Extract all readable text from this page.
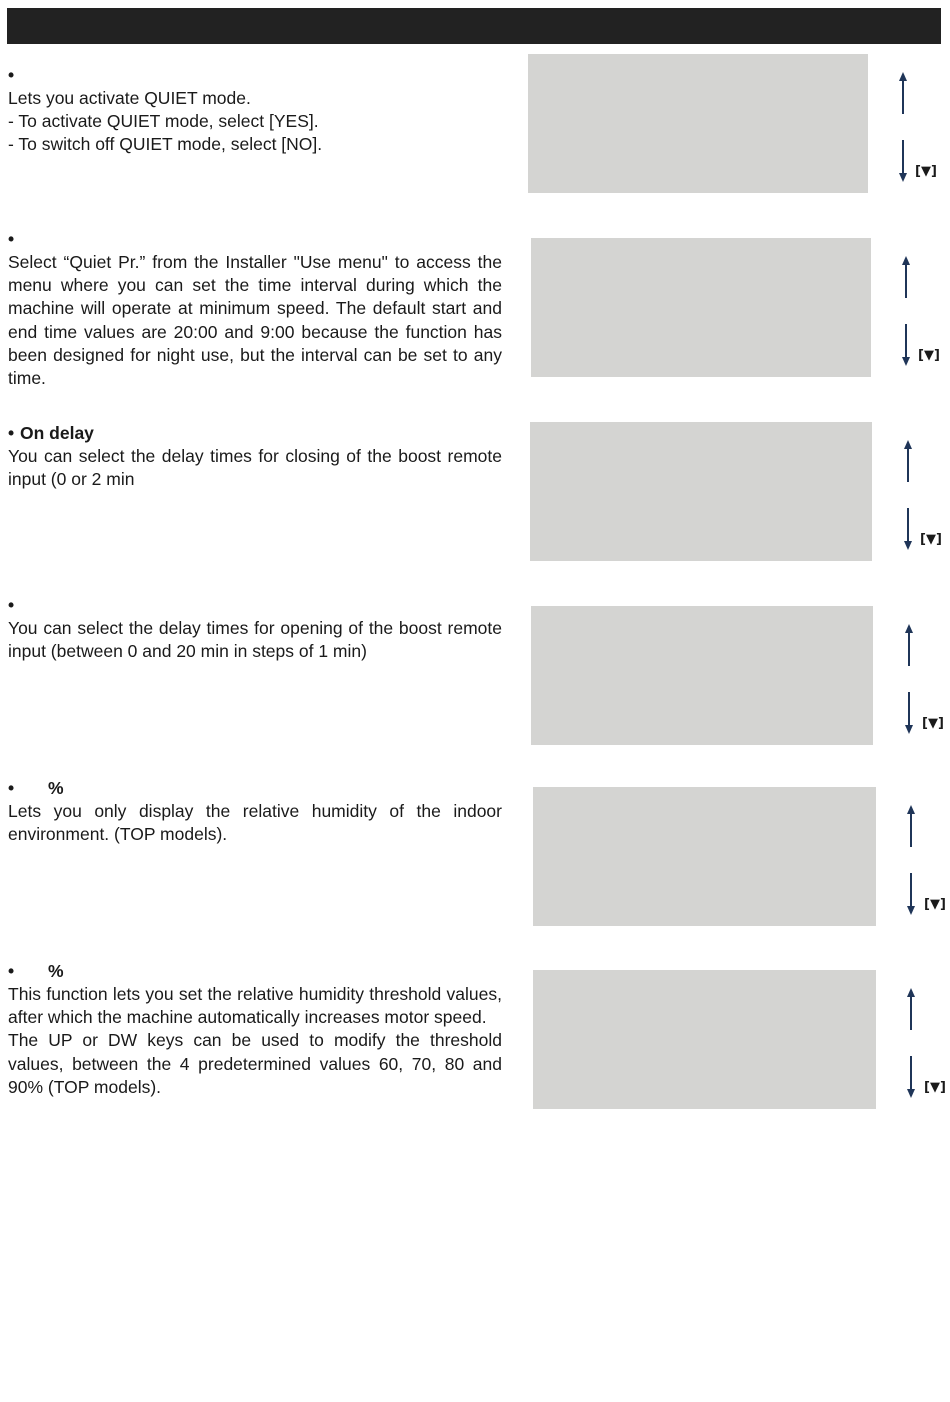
•
Lets you activate QUIET mode.
- To activate QUIET mode, select [YES].
- To switch off QUIET mode, select [NO].
[▼]
•
Select “Quiet Pr.” from the Installer "Use menu" to access the menu where you can set the time interval during which the machine will operate at minimum speed. The default start and end time values are 20:00 and 9:00 because the function has been designed for night use, but the interval can be set to any time.
[▼]
• On delay
You can select the delay times for closing of the boost remote input (0 or 2 min
[▼]
•
You can select the delay times for opening of the boost remote input (between 0 and 20 min in steps of 1 min)
[▼]
•	%
Lets you only display the relative humidity of the indoor environment. (TOP models).
[▼]
•	%
This function lets you set the relative humidity threshold values, after which the machine automatically increases motor speed.
The UP or DW keys can be used to modify the threshold values, between the 4 predetermined values 60, 70, 80 and 90% (TOP models).	[▼]
